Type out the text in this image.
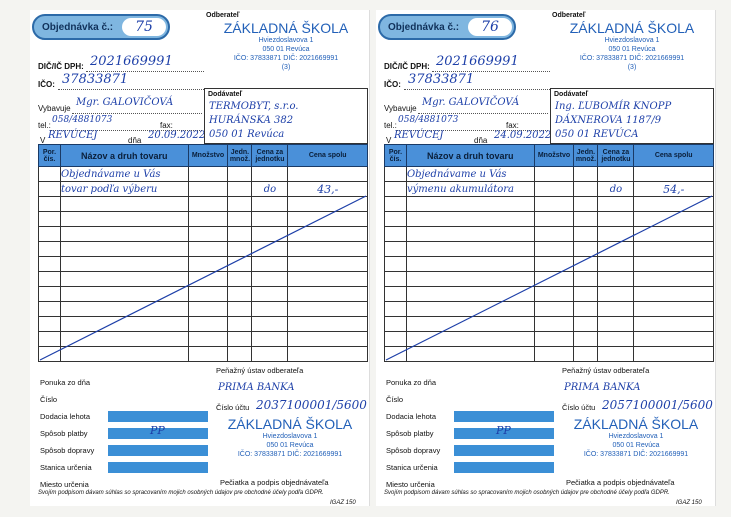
Objednávka č.:	75
Odberateľ
ZÁKLADNÁ ŠKOLA
Hviezdoslavova 1
050 01 Revúca
IČO: 37833871 DIČ: 2021669991
(3)
DIČ/IČ DPH: 2021669991
IČO: 37833871
Vybavuje
Mgr. GALOVIČOVÁ
tel.:
058/4881073
fax:
V REVÚCEJ	dňa 20.09.2022
Dodávateľ
TERMOBYT, s.r.o.
HURÁNSKA 382
050 01 Revúca
Por. čís.	Názov a druh tovaru	Množstvo	Jedn. množ.	Cena za jednotku	Cena spolu
	Objednávame u Vás				
	tovar podľa výberu			do	43,-

Ponuka zo dňa
Číslo
Dodacia lehota
Spôsob platby	PP
Spôsob dopravy
Stanica určenia
Miesto určenia
Peňažný ústav odberateľa
PRIMA BANKA
Číslo účtu 2037100001/5600
ZÁKLADNÁ ŠKOLA
Hviezdoslavova 1
050 01 Revúca
IČO: 37833871 DIČ: 2021669991
Pečiatka a podpis objednávateľa
Svojím podpisom dávam súhlas so spracovaním mojich osobných údajov pre obchodné účely podľa GDPR.
IGAZ 150
Objednávka č.:	76
Odberateľ
ZÁKLADNÁ ŠKOLA
Hviezdoslavova 1
050 01 Revúca
IČO: 37833871 DIČ: 2021669991
(3)
DIČ/IČ DPH: 2021669991
IČO: 37833871
Vybavuje
Mgr. GALOVIČOVÁ
tel.:
058/4881073
fax:
V REVÚCEJ	dňa 24.09.2022
Dodávateľ
Ing. ĽUBOMÍR KNOPP
DÁXNEROVA 1187/9
050 01 REVÚCA
Por. čís.	Názov a druh tovaru	Množstvo	Jedn. množ.	Cena za jednotku	Cena spolu
	Objednávame u Vás				
	výmenu akumulátora			do	54,-

Ponuka zo dňa
Číslo
Dodacia lehota
Spôsob platby	PP
Spôsob dopravy
Stanica určenia
Miesto určenia
Peňažný ústav odberateľa
PRIMA BANKA
Číslo účtu 2057100001/5600
ZÁKLADNÁ ŠKOLA
Hviezdoslavova 1
050 01 Revúca
IČO: 37833871 DIČ: 2021669991
Pečiatka a podpis objednávateľa
Svojím podpisom dávam súhlas so spracovaním mojich osobných údajov pre obchodné účely podľa GDPR.
IGAZ 150
